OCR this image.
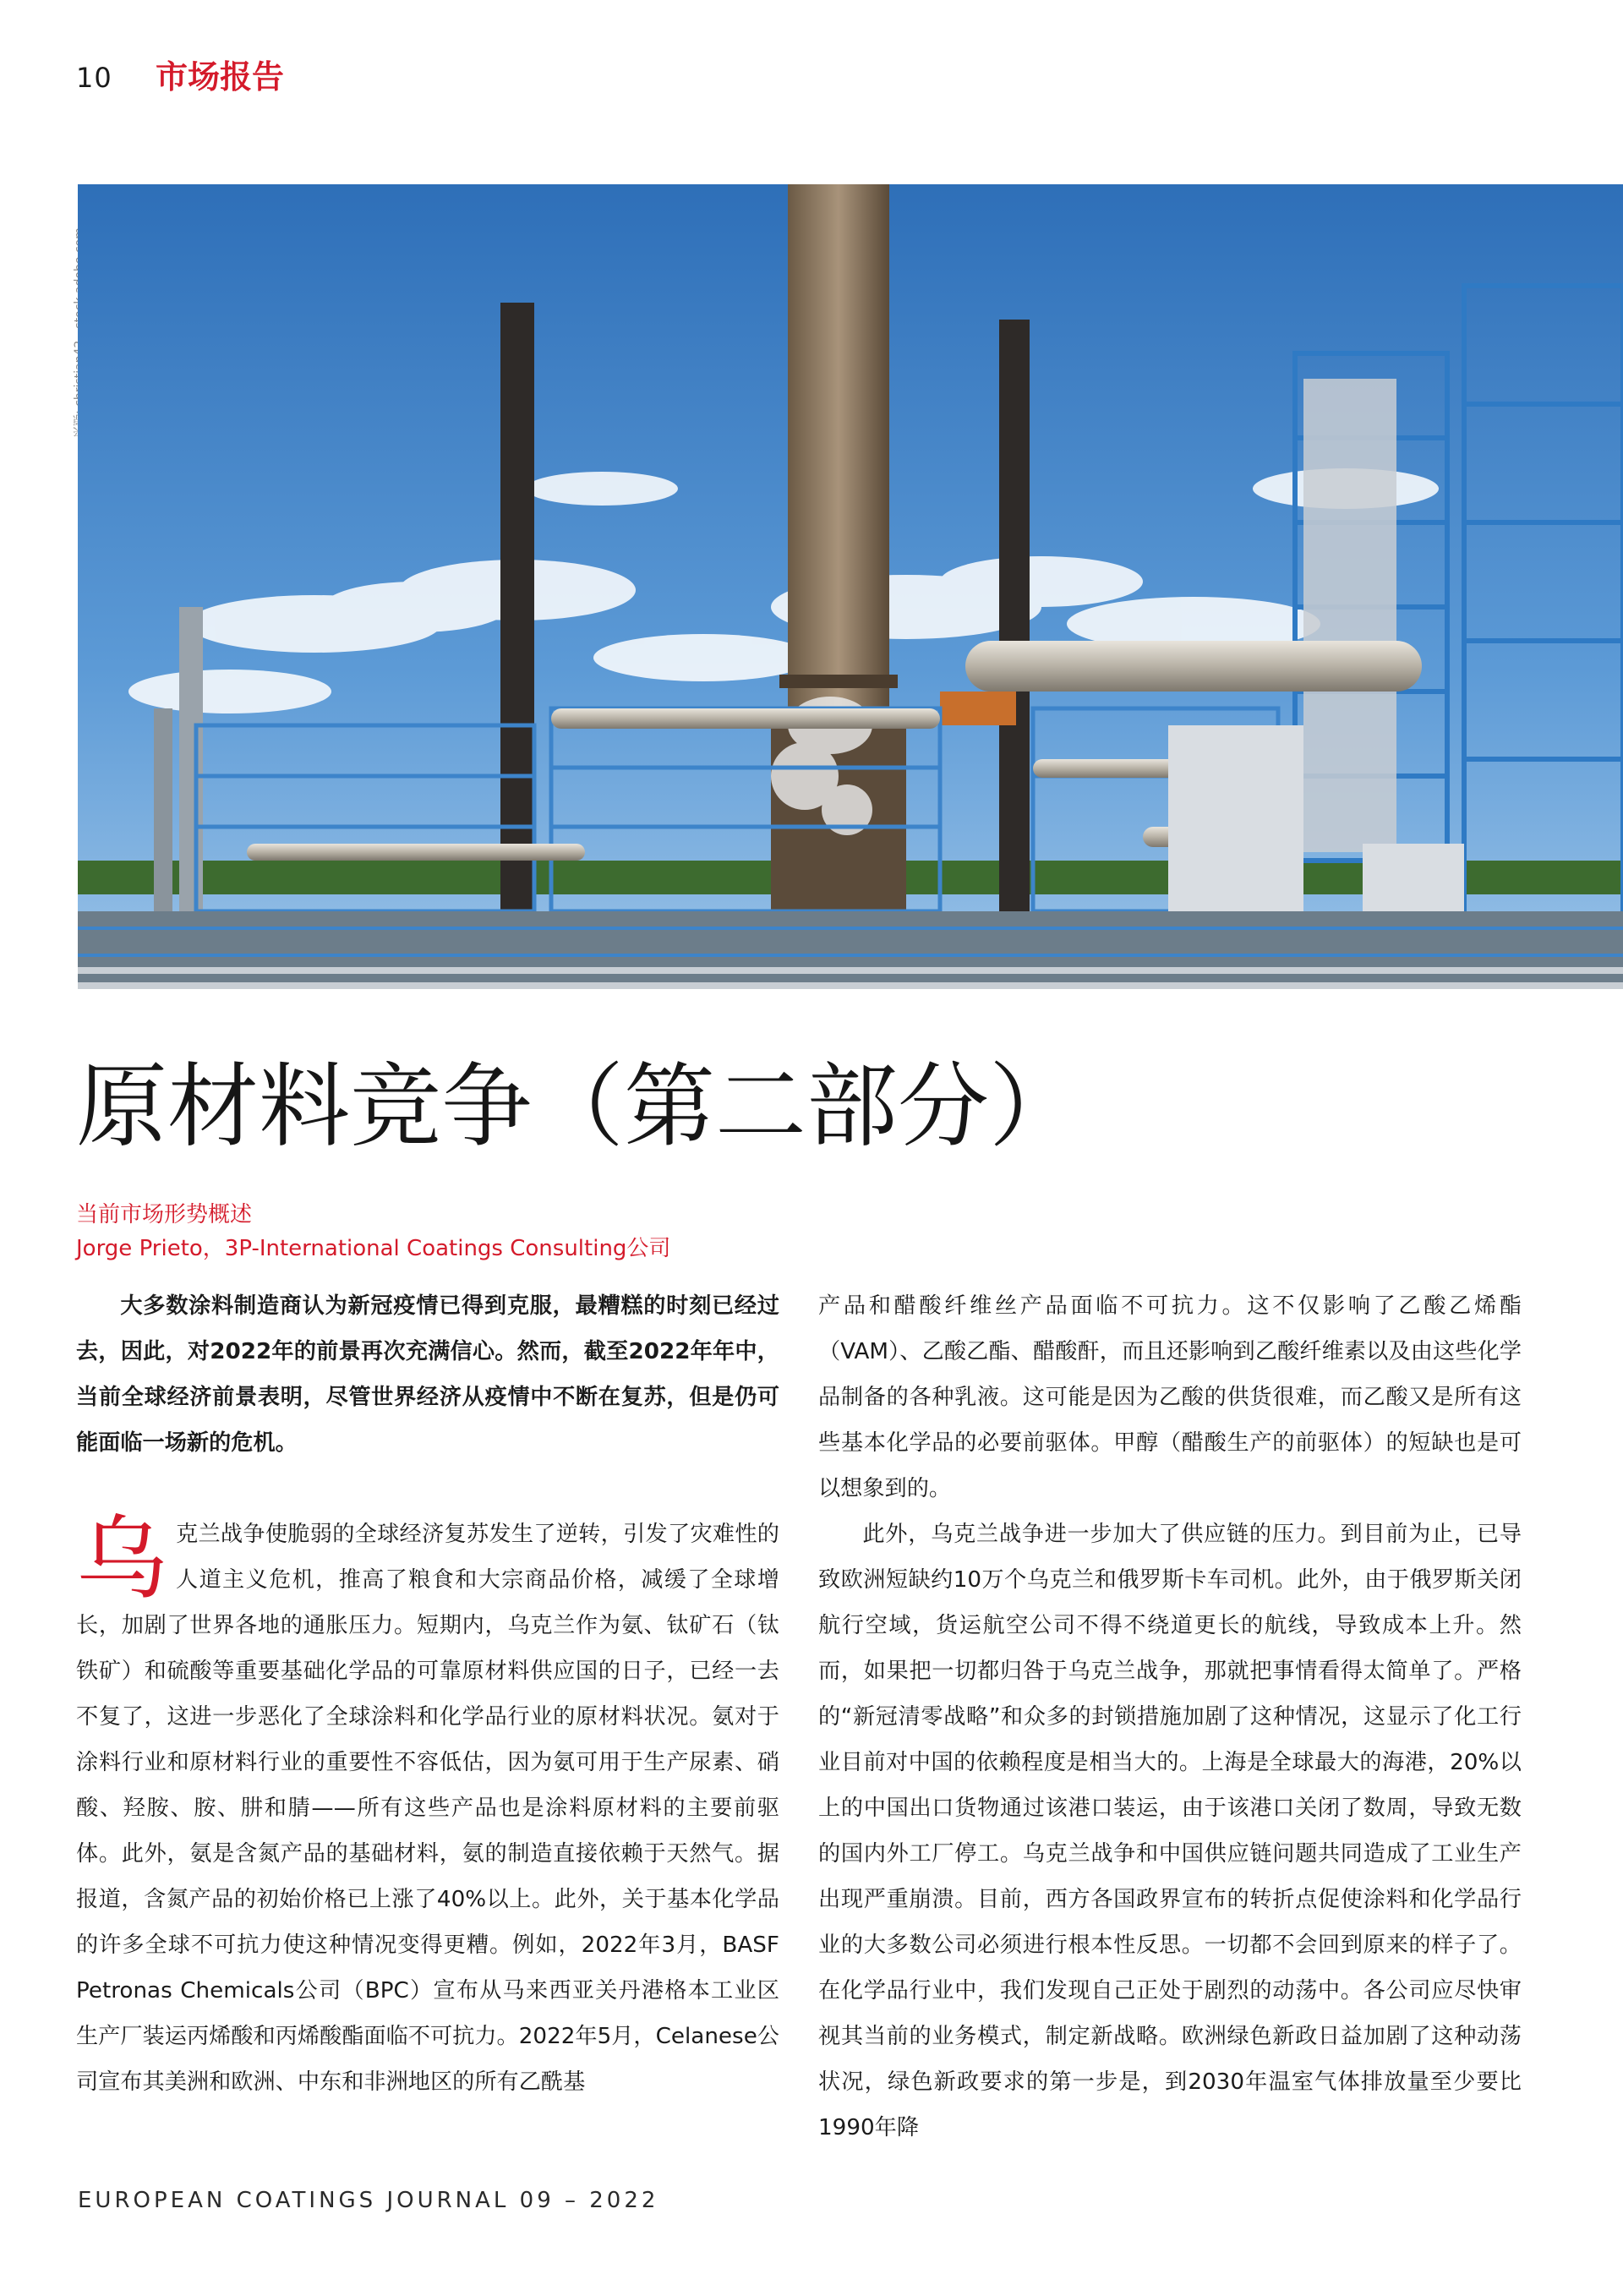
10 市场报告
原材料竞争（第二部分）
当前市场形势概述
Jorge Prieto，3P-International Coatings Consulting公司

大多数涂料制造商认为新冠疫情已得到克服，最糟糕的时刻已经过去，因此，对2022年的前景再次充满信心。然而，截至2022年年中，当前全球经济前景表明，尽管世界经济从疫情中不断在复苏，但是仍可能面临一场新的危机。

乌克兰战争使脆弱的全球经济复苏发生了逆转，引发了灾难性的人道主义危机，推高了粮食和大宗商品价格，减缓了全球增长，加剧了世界各地的通胀压力。短期内，乌克兰作为氨、钛矿石（钛铁矿）和硫酸等重要基础化学品的可靠原材料供应国的日子，已经一去不复了，这进一步恶化了全球涂料和化学品行业的原材料状况。氨对于涂料行业和原材料行业的重要性不容低估，因为氨可用于生产尿素、硝酸、羟胺、胺、肼和腈——所有这些产品也是涂料原材料的主要前驱体。此外，氨是含氮产品的基础材料，氨的制造直接依赖于天然气。据报道，含氮产品的初始价格已上涨了40%以上。此外，关于基本化学品的许多全球不可抗力使这种情况变得更糟。例如，2022年3月，BASF Petronas Chemicals公司（BPC）宣布从马来西亚关丹港格本工业区生产厂装运丙烯酸和丙烯酸酯面临不可抗力。2022年5月，Celanese公司宣布其美洲和欧洲、中东和非洲地区的所有乙酰基

产品和醋酸纤维丝产品面临不可抗力。这不仅影响了乙酸乙烯酯（VAM）、乙酸乙酯、醋酸酐，而且还影响到乙酸纤维素以及由这些化学品制备的各种乳液。这可能是因为乙酸的供货很难，而乙酸又是所有这些基本化学品的必要前驱体。甲醇（醋酸生产的前驱体）的短缺也是可以想象到的。

此外，乌克兰战争进一步加大了供应链的压力。到目前为止，已导致欧洲短缺约10万个乌克兰和俄罗斯卡车司机。此外，由于俄罗斯关闭航行空域，货运航空公司不得不绕道更长的航线，导致成本上升。然而，如果把一切都归咎于乌克兰战争，那就把事情看得太简单了。严格的“新冠清零战略”和众多的封锁措施加剧了这种情况，这显示了化工行业目前对中国的依赖程度是相当大的。上海是全球最大的海港，20%以上的中国出口货物通过该港口装运，由于该港口关闭了数周，导致无数的国内外工厂停工。乌克兰战争和中国供应链问题共同造成了工业生产出现严重崩溃。目前，西方各国政界宣布的转折点促使涂料和化学品行业的大多数公司必须进行根本性反思。一切都不会回到原来的样子了。在化学品行业中，我们发现自己正处于剧烈的动荡中。各公司应尽快审视其当前的业务模式，制定新战略。欧洲绿色新政日益加剧了这种动荡状况，绿色新政要求的第一步是，到2030年温室气体排放量至少要比1990年降

EUROPEAN COATINGS JOURNAL 09 – 2022
